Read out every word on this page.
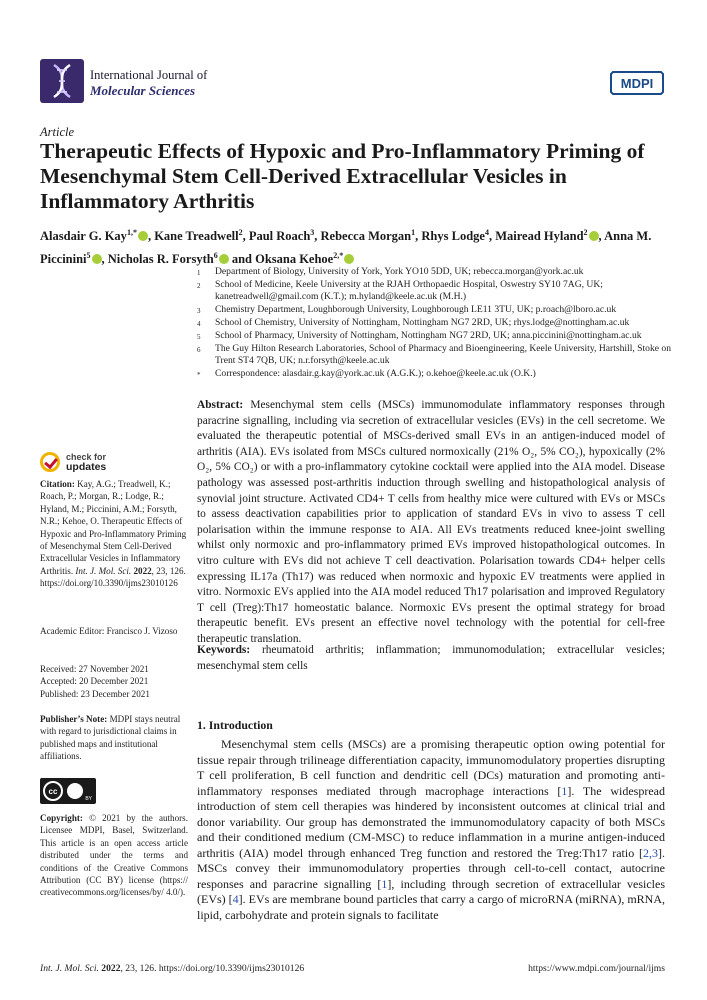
International Journal of
Molecular Sciences	MDPI
Article
Therapeutic Effects of Hypoxic and Pro-Inflammatory Priming of Mesenchymal Stem Cell-Derived Extracellular Vesicles in Inflammatory Arthritis
Alasdair G. Kay$^{1,*}$ , Kane Treadwell$^2$, Paul Roach$^3$, Rebecca Morgan$^1$, Rhys Lodge$^4$, Mairead Hyland$^2$ , Anna M. Piccinini$^5$ , Nicholas R. Forsyth$^6$ and Oksana Kehoe$^{2,*}$
1	Department of Biology, University of York, York YO10 5DD, UK; rebecca.morgan@york.ac.uk
2	School of Medicine, Keele University at the RJAH Orthopaedic Hospital, Oswestry SY10 7AG, UK; kanetreadwell@gmail.com (K.T.); m.hyland@keele.ac.uk (M.H.)
3	Chemistry Department, Loughborough University, Loughborough LE11 3TU, UK; p.roach@lboro.ac.uk
4	School of Chemistry, University of Nottingham, Nottingham NG7 2RD, UK; rhys.lodge@nottingham.ac.uk
5	School of Pharmacy, University of Nottingham, Nottingham NG7 2RD, UK; anna.piccinini@nottingham.ac.uk
6	The Guy Hilton Research Laboratories, School of Pharmacy and Bioengineering, Keele University, Hartshill, Stoke on Trent ST4 7QB, UK; n.r.forsyth@keele.ac.uk
*	Correspondence: alasdair.g.kay@york.ac.uk (A.G.K.); o.kehoe@keele.ac.uk (O.K.)
check for
updates
Citation: Kay, A.G.; Treadwell, K.; Roach, P.; Morgan, R.; Lodge, R.; Hyland, M.; Piccinini, A.M.; Forsyth, N.R.; Kehoe, O. Therapeutic Effects of Hypoxic and Pro-Inflammatory Priming of Mesenchymal Stem Cell-Derived Extracellular Vesicles in Inflammatory Arthritis. Int. J. Mol. Sci. 2022, 23, 126. https://doi.org/10.3390/ijms23010126
Academic Editor: Francisco J. Vizoso
Received: 27 November 2021
Accepted: 20 December 2021
Published: 23 December 2021
Publisher’s Note: MDPI stays neutral with regard to jurisdictional claims in published maps and institutional affiliations.
cc
BY
Copyright: © 2021 by the authors. Licensee MDPI, Basel, Switzerland. This article is an open access article distributed under the terms and conditions of the Creative Commons Attribution (CC BY) license (https:// creativecommons.org/licenses/by/ 4.0/).
Abstract: Mesenchymal stem cells (MSCs) immunomodulate inflammatory responses through paracrine signalling, including via secretion of extracellular vesicles (EVs) in the cell secretome. We evaluated the therapeutic potential of MSCs-derived small EVs in an antigen-induced model of arthritis (AIA). EVs isolated from MSCs cultured normoxically (21% O₂, 5% CO₂), hypoxically (2% O₂, 5% CO₂) or with a pro-inflammatory cytokine cocktail were applied into the AIA model. Disease pathology was assessed post-arthritis induction through swelling and histopathological analysis of synovial joint structure. Activated CD4+ T cells from healthy mice were cultured with EVs or MSCs to assess deactivation capabilities prior to application of standard EVs in vivo to assess T cell polarisation within the immune response to AIA. All EVs treatments reduced knee-joint swelling whilst only normoxic and pro-inflammatory primed EVs improved histopathological outcomes. In vitro culture with EVs did not achieve T cell deactivation. Polarisation towards CD4+ helper cells expressing IL17a (Th17) was reduced when normoxic and hypoxic EV treatments were applied in vitro. Normoxic EVs applied into the AIA model reduced Th17 polarisation and improved Regulatory T cell (Treg):Th17 homeostatic balance. Normoxic EVs present the optimal strategy for broad therapeutic benefit. EVs present an effective novel technology with the potential for cell-free therapeutic translation.
Keywords: rheumatoid arthritis; inflammation; immunomodulation; extracellular vesicles; mesenchymal stem cells
1. Introduction

Mesenchymal stem cells (MSCs) are a promising therapeutic option owing potential for tissue repair through trilineage differentiation capacity, immunomodulatory properties disrupting T cell proliferation, B cell function and dendritic cell (DCs) maturation and promoting anti-inflammatory responses mediated through macrophage interactions [1]. The widespread introduction of stem cell therapies was hindered by inconsistent outcomes at clinical trial and donor variability. Our group has demonstrated the immunomodulatory capacity of both MSCs and their conditioned medium (CM-MSC) to reduce inflammation in a murine antigen-induced arthritis (AIA) model through enhanced Treg function and restored the Treg:Th17 ratio [2,3]. MSCs convey their immunomodulatory properties through cell-to-cell contact, autocrine responses and paracrine signalling [1], including through secretion of extracellular vesicles (EVs) [4]. EVs are membrane bound particles that carry a cargo of microRNA (miRNA), mRNA, lipid, carbohydrate and protein signals to facilitate

Int. J. Mol. Sci. 2022, 23, 126. https://doi.org/10.3390/ijms23010126	https://www.mdpi.com/journal/ijms
